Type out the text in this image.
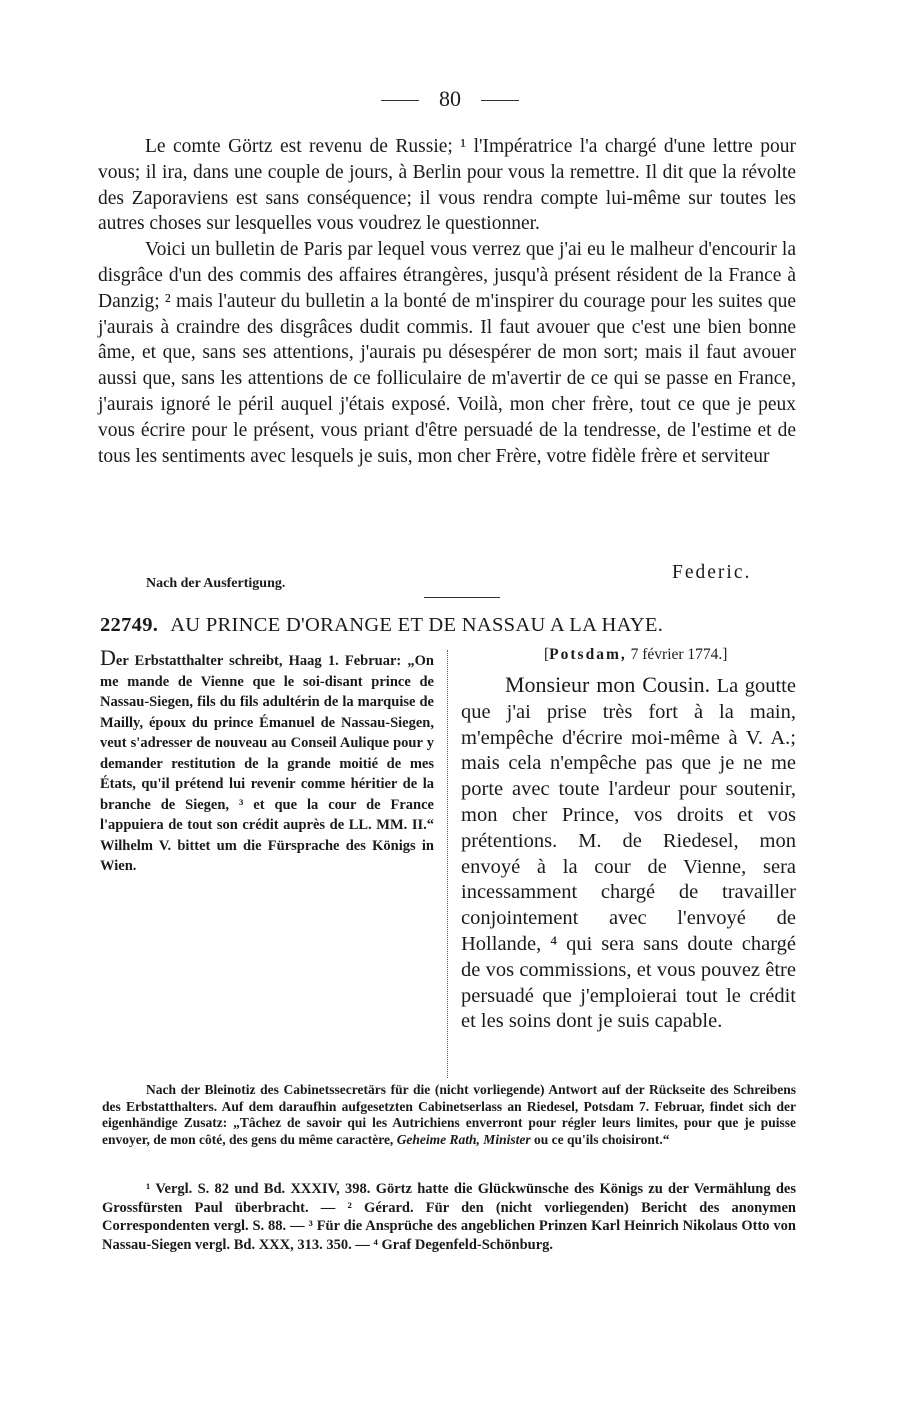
80

Le comte Görtz est revenu de Russie; ¹ l'Impératrice l'a chargé d'une lettre pour vous; il ira, dans une couple de jours, à Berlin pour vous la remettre. Il dit que la révolte des Zaporaviens est sans conséquence; il vous rendra compte lui-même sur toutes les autres choses sur lesquelles vous voudrez le questionner.

Voici un bulletin de Paris par lequel vous verrez que j'ai eu le malheur d'encourir la disgrâce d'un des commis des affaires étrangères, jusqu'à présent résident de la France à Danzig; ² mais l'auteur du bulletin a la bonté de m'inspirer du courage pour les suites que j'aurais à craindre des disgrâces dudit commis. Il faut avouer que c'est une bien bonne âme, et que, sans ses attentions, j'aurais pu désespérer de mon sort; mais il faut avouer aussi que, sans les attentions de ce folliculaire de m'avertir de ce qui se passe en France, j'aurais ignoré le péril auquel j'étais exposé. Voilà, mon cher frère, tout ce que je peux vous écrire pour le présent, vous priant d'être persuadé de la tendresse, de l'estime et de tous les sentiments avec lesquels je suis, mon cher Frère, votre fidèle frère et serviteur

Federic.
Nach der Ausfertigung.
22749. AU PRINCE D'ORANGE ET DE NASSAU A LA HAYE.
Der Erbstatthalter schreibt, Haag 1. Februar: „On me mande de Vienne que le soi-disant prince de Nassau-Siegen, fils du fils adultérin de la marquise de Mailly, époux du prince Émanuel de Nassau-Siegen, veut s'adresser de nouveau au Conseil Aulique pour y demander restitution de la grande moitié de mes États, qu'il prétend lui revenir comme héritier de la branche de Siegen, ³ et que la cour de France l'appuiera de tout son crédit auprès de LL. MM. II.“ Wilhelm V. bittet um die Fürsprache des Königs in Wien.
[Potsdam, 7 février 1774.]

Monsieur mon Cousin. La goutte que j'ai prise très fort à la main, m'empêche d'écrire moi-même à V. A.; mais cela n'empêche pas que je ne me porte avec toute l'ardeur pour soutenir, mon cher Prince, vos droits et vos prétentions. M. de Riedesel, mon envoyé à la cour de Vienne, sera incessamment chargé de travailler conjointement avec l'envoyé de Hollande, ⁴ qui sera sans doute chargé de vos commissions, et vous pouvez être persuadé que j'emploierai tout le crédit et les soins dont je suis capable.

Nach der Bleinotiz des Cabinetssecretärs für die (nicht vorliegende) Antwort auf der Rückseite des Schreibens des Erbstatthalters. Auf dem daraufhin aufgesetzten Cabinetserlass an Riedesel, Potsdam 7. Februar, findet sich der eigenhändige Zusatz: „Tâchez de savoir qui les Autrichiens enverront pour régler leurs limites, pour que je puisse envoyer, de mon côté, des gens du même caractère, Geheime Rath, Minister ou ce qu'ils choisiront.“

¹ Vergl. S. 82 und Bd. XXXIV, 398. Görtz hatte die Glückwünsche des Königs zu der Vermählung des Grossfürsten Paul überbracht. — ² Gérard. Für den (nicht vorliegenden) Bericht des anonymen Correspondenten vergl. S. 88. — ³ Für die Ansprüche des angeblichen Prinzen Karl Heinrich Nikolaus Otto von Nassau-Siegen vergl. Bd. XXX, 313. 350. — ⁴ Graf Degenfeld-Schönburg.
